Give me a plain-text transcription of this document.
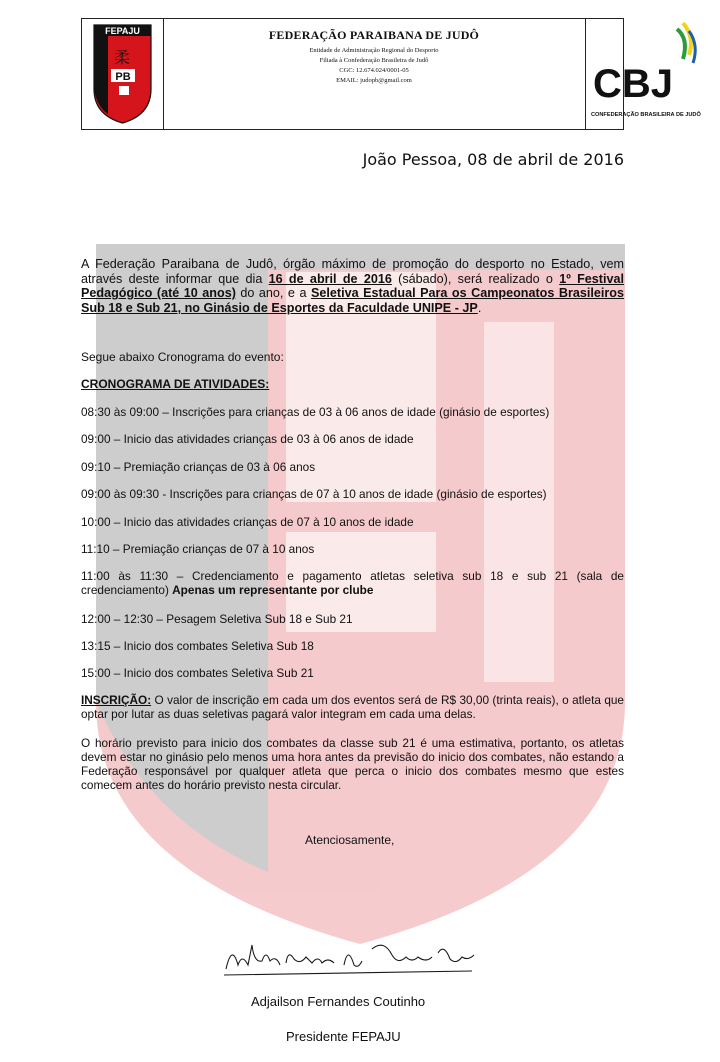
FEPAJU
柔
PB
FEDERAÇÃO PARAIBANA DE JUDÔ
Entidade de Administração Regional do Desporto
Filiada à Confederação Brasileira de Judô
CGC: 12.674.024/0001-05
EMAIL: judopb@gmail.com	CBJ
CONFEDERAÇÃO BRASILEIRA DE JUDÔ
João Pessoa, 08 de abril de 2016
A Federação Paraibana de Judô, órgão máximo de promoção do desporto no Estado, vem através deste informar que dia 16 de abril de 2016 (sábado), será realizado o 1º Festival Pedagógico (até 10 anos) do ano, e a Seletiva Estadual Para os Campeonatos Brasileiros Sub 18 e Sub 21, no Ginásio de Esportes da Faculdade UNIPE - JP.
Segue abaixo Cronograma do evento:
CRONOGRAMA DE ATIVIDADES:
08:30 às 09:00 – Inscrições para crianças de 03 à 06 anos de idade (ginásio de esportes)
09:00 – Inicio das atividades crianças de 03 à 06 anos de idade
09:10 – Premiação crianças de 03 à 06 anos
09:00 às 09:30 - Inscrições para crianças de 07 à 10 anos de idade (ginásio de esportes)
10:00 – Inicio das atividades crianças de 07 à 10 anos de idade
11:10 – Premiação crianças de 07 à 10 anos
11:00 às 11:30 – Credenciamento e pagamento atletas seletiva sub 18 e sub 21 (sala de credenciamento) Apenas um representante por clube
12:00 – 12:30 – Pesagem Seletiva Sub 18 e Sub 21
13:15 – Inicio dos combates Seletiva Sub 18
15:00 – Inicio dos combates Seletiva Sub 21
INSCRIÇÃO: O valor de inscrição em cada um dos eventos será de R$ 30,00 (trinta reais), o atleta que optar por lutar as duas seletivas pagará valor integram em cada uma delas.
O horário previsto para inicio dos combates da classe sub 21 é uma estimativa, portanto, os atletas devem estar no ginásio pelo menos uma hora antes da previsão do inicio dos combates, não estando a Federação responsável por qualquer atleta que perca o inicio dos combates mesmo que estes comecem antes do horário previsto nesta circular.
Atenciosamente,
Adjailson Fernandes Coutinho
Presidente FEPAJU
